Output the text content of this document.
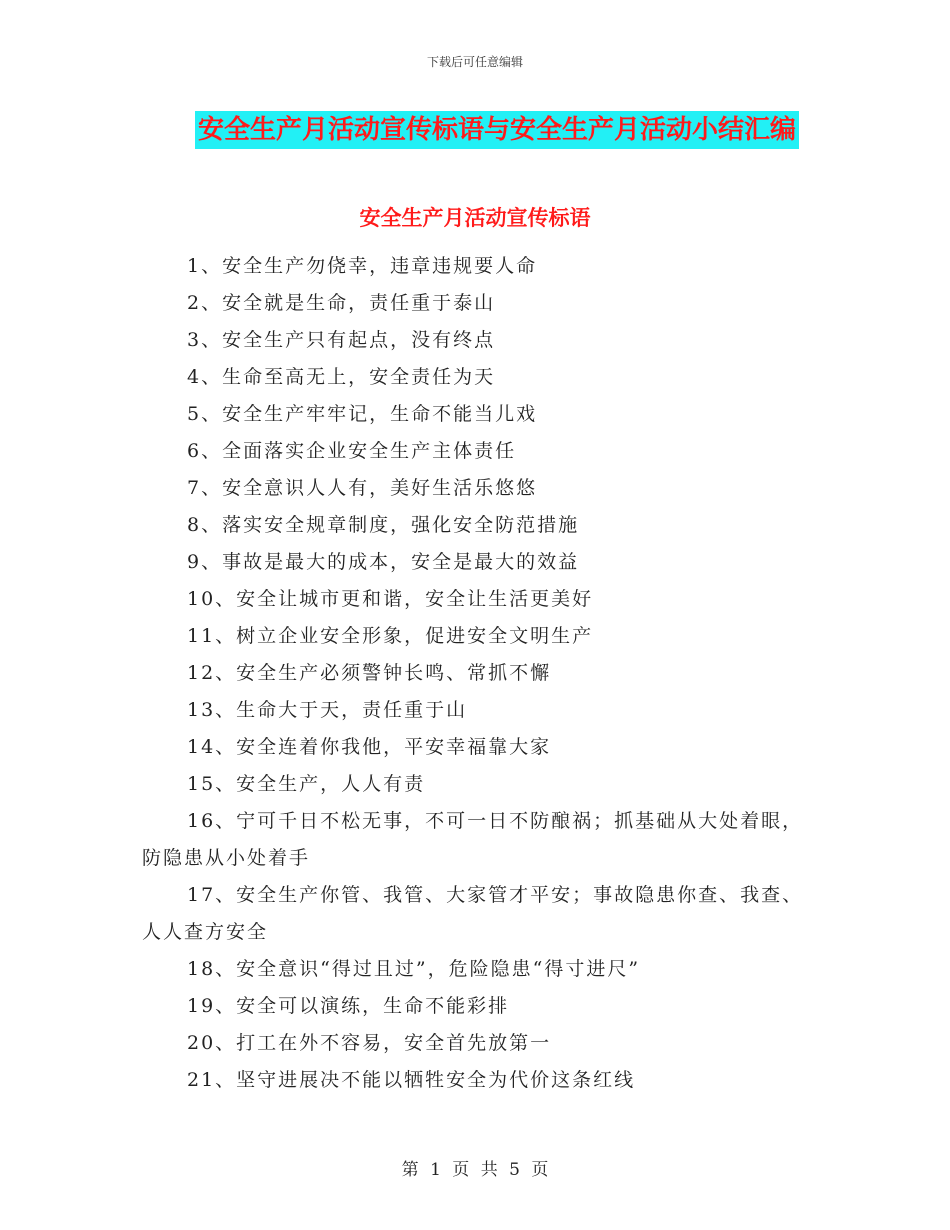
下载后可任意编辑
安全生产月活动宣传标语与安全生产月活动小结汇编
安全生产月活动宣传标语
1、安全生产勿侥幸，违章违规要人命
2、安全就是生命，责任重于泰山
3、安全生产只有起点，没有终点
4、生命至高无上，安全责任为天
5、安全生产牢牢记，生命不能当儿戏
6、全面落实企业安全生产主体责任
7、安全意识人人有，美好生活乐悠悠
8、落实安全规章制度，强化安全防范措施
9、事故是最大的成本，安全是最大的效益
10、安全让城市更和谐，安全让生活更美好
11、树立企业安全形象，促进安全文明生产
12、安全生产必须警钟长鸣、常抓不懈
13、生命大于天，责任重于山
14、安全连着你我他，平安幸福靠大家
15、安全生产，人人有责
16、宁可千日不松无事，不可一日不防酿祸；抓基础从大处着眼，防隐患从小处着手
17、安全生产你管、我管、大家管才平安；事故隐患你查、我查、人人查方安全
18、安全意识“得过且过”，危险隐患“得寸进尺”
19、安全可以演练，生命不能彩排
20、打工在外不容易，安全首先放第一
21、坚守进展决不能以牺牲安全为代价这条红线
第 1 页 共 5 页
